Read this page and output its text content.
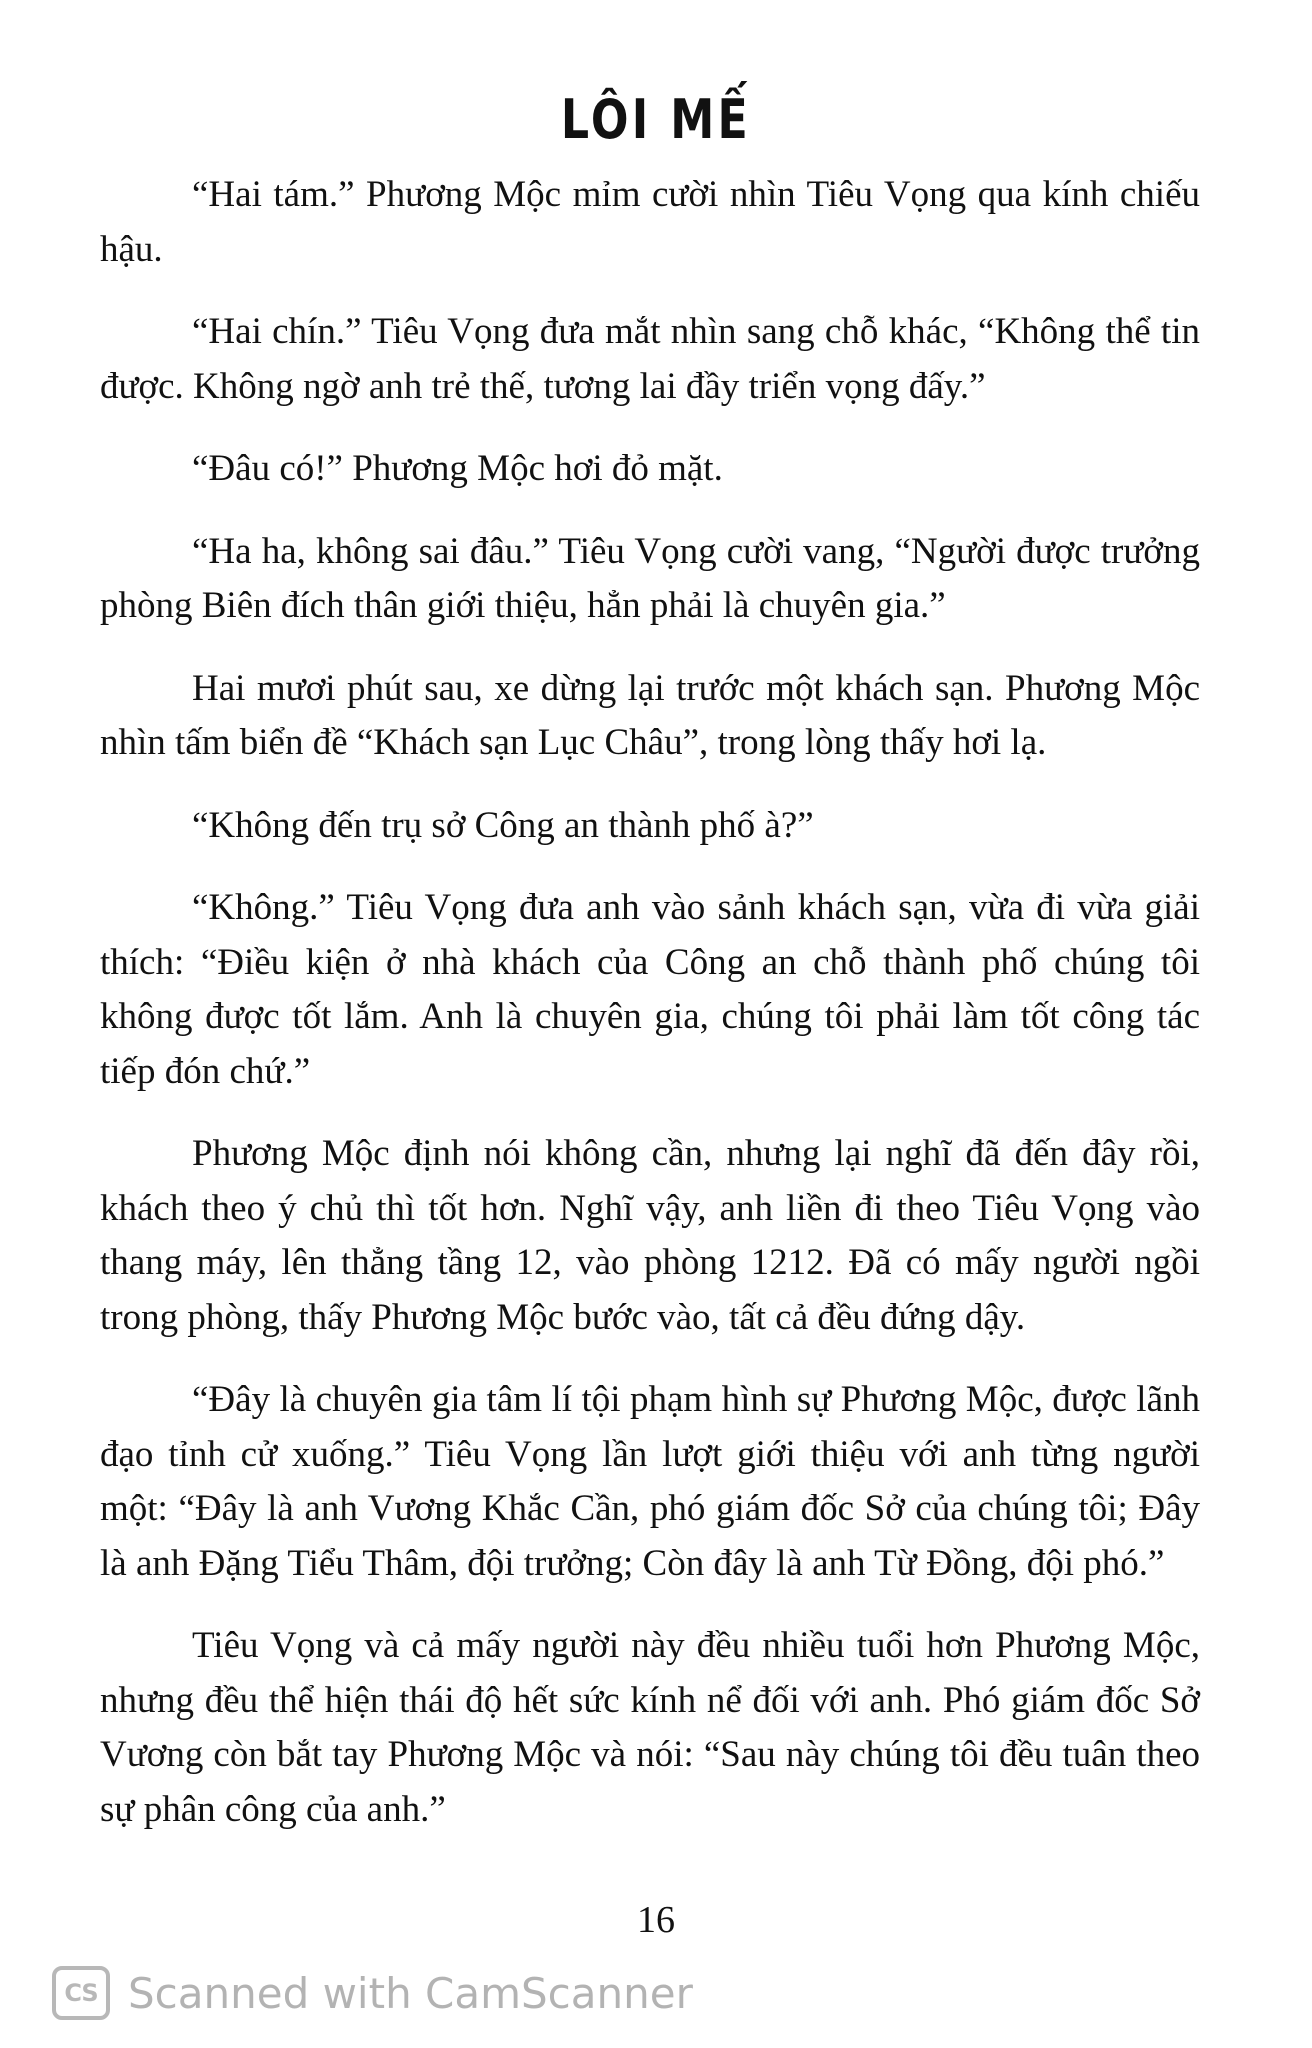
LÔI MẾ

“Hai tám.” Phương Mộc mỉm cười nhìn Tiêu Vọng qua kính chiếu hậu.

“Hai chín.” Tiêu Vọng đưa mắt nhìn sang chỗ khác, “Không thể tin được. Không ngờ anh trẻ thế, tương lai đầy triển vọng đấy.”

“Đâu có!” Phương Mộc hơi đỏ mặt.

“Ha ha, không sai đâu.” Tiêu Vọng cười vang, “Người được trưởng phòng Biên đích thân giới thiệu, hẳn phải là chuyên gia.”

Hai mươi phút sau, xe dừng lại trước một khách sạn. Phương Mộc nhìn tấm biển đề “Khách sạn Lục Châu”, trong lòng thấy hơi lạ.

“Không đến trụ sở Công an thành phố à?”

“Không.” Tiêu Vọng đưa anh vào sảnh khách sạn, vừa đi vừa giải thích: “Điều kiện ở nhà khách của Công an chỗ thành phố chúng tôi không được tốt lắm. Anh là chuyên gia, chúng tôi phải làm tốt công tác tiếp đón chứ.”

Phương Mộc định nói không cần, nhưng lại nghĩ đã đến đây rồi, khách theo ý chủ thì tốt hơn. Nghĩ vậy, anh liền đi theo Tiêu Vọng vào thang máy, lên thẳng tầng 12, vào phòng 1212. Đã có mấy người ngồi trong phòng, thấy Phương Mộc bước vào, tất cả đều đứng dậy.

“Đây là chuyên gia tâm lí tội phạm hình sự Phương Mộc, được lãnh đạo tỉnh cử xuống.” Tiêu Vọng lần lượt giới thiệu với anh từng người một: “Đây là anh Vương Khắc Cần, phó giám đốc Sở của chúng tôi; Đây là anh Đặng Tiểu Thâm, đội trưởng; Còn đây là anh Từ Đồng, đội phó.”

Tiêu Vọng và cả mấy người này đều nhiều tuổi hơn Phương Mộc, nhưng đều thể hiện thái độ hết sức kính nể đối với anh. Phó giám đốc Sở Vương còn bắt tay Phương Mộc và nói: “Sau này chúng tôi đều tuân theo sự phân công của anh.”

16
CS Scanned with CamScanner
